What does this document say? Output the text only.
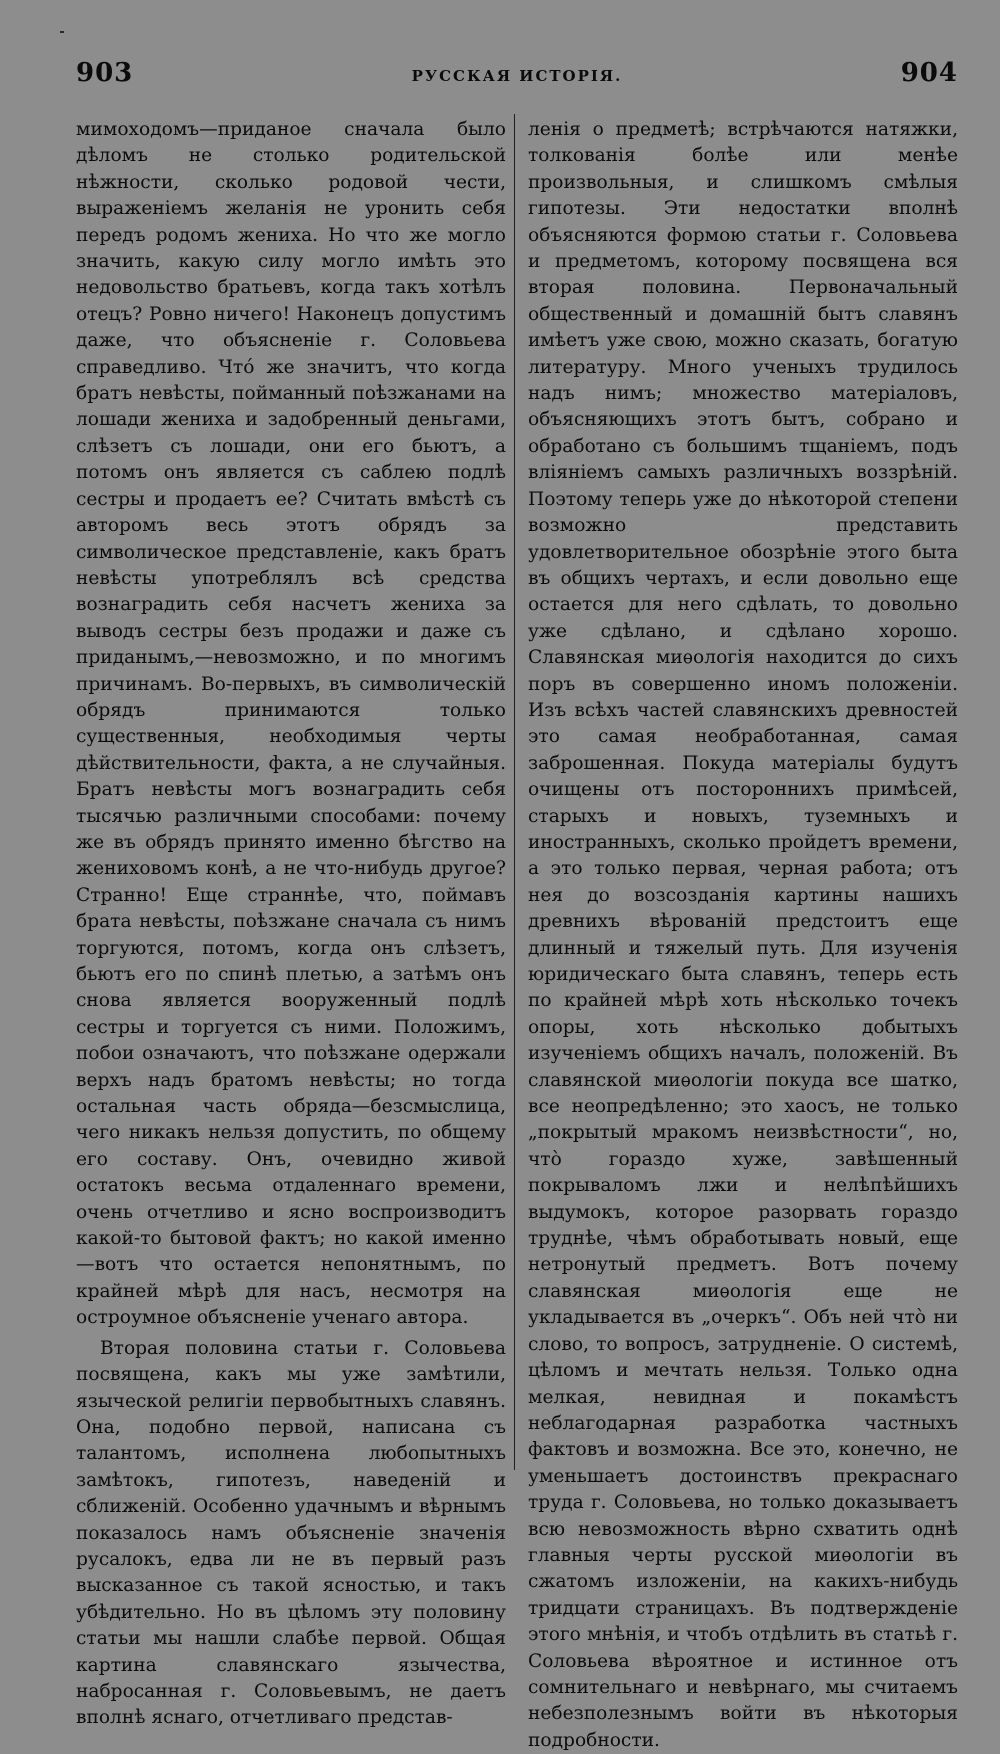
903	РУССКАЯ ИСТОРІЯ.	904

мимоходомъ—приданое сначала было дѣломъ не столько родительской нѣжности, сколько родовой чести, выраженіемъ желанія не уронить себя передъ родомъ жениха. Но что же могло значить, какую силу могло имѣть это недовольство братьевъ, когда такъ хотѣлъ отецъ? Ровно ничего! Наконецъ допустимъ даже, что объясненіе г. Соловьева справедливо. Что́ же значитъ, что когда братъ невѣсты, пойманный поѣзжанами на лошади жениха и задобренный деньгами, слѣзетъ съ лошади, они его бьютъ, а потомъ онъ является съ саблею подлѣ сестры и продаетъ ее? Считать вмѣстѣ съ авторомъ весь этотъ обрядъ за символическое представленіе, какъ братъ невѣсты употреблялъ всѣ средства вознаградить себя насчетъ жениха за выводъ сестры безъ продажи и даже съ приданымъ,—невозможно, и по многимъ причинамъ. Во-первыхъ, въ символическій обрядъ принимаются только существенныя, необходимыя черты дѣйствительности, факта, а не случайныя. Братъ невѣсты могъ вознаградить себя тысячью различными способами: почему же въ обрядъ принято именно бѣгство на жениховомъ конѣ, а не что-нибудь другое? Странно! Еще страннѣе, что, поймавъ брата невѣсты, поѣзжане сначала съ нимъ торгуются, потомъ, когда онъ слѣзетъ, бьютъ его по спинѣ плетью, а затѣмъ онъ снова является вооруженный подлѣ сестры и торгуется съ ними. Положимъ, побои означаютъ, что поѣзжане одержали верхъ надъ братомъ невѣсты; но тогда остальная часть обряда—безсмыслица, чего никакъ нельзя допустить, по общему его составу. Онъ, очевидно живой остатокъ весьма отдаленнаго времени, очень отчетливо и ясно воспроизводитъ какой-то бытовой фактъ; но какой именно—вотъ что остается непонятнымъ, по крайней мѣрѣ для насъ, несмотря на остроумное объясненіе ученаго автора.

Вторая половина статьи г. Соловьева посвящена, какъ мы уже замѣтили, языческой религіи первобытныхъ славянъ. Она, подобно первой, написана съ талантомъ, исполнена любопытныхъ замѣтокъ, гипотезъ, наведеній и сближеній. Особенно удачнымъ и вѣрнымъ показалось намъ объясненіе значенія русалокъ, едва ли не въ первый разъ высказанное съ такой ясностью, и такъ убѣдительно. Но въ цѣломъ эту половину статьи мы нашли слабѣе первой. Общая картина славянскаго язычества, набросанная г. Соловьевымъ, не даетъ вполнѣ яснаго, отчетливаго представ-

ленія о предметѣ; встрѣчаются натяжки, толкованія болѣе или менѣе произвольныя, и слишкомъ смѣлыя гипотезы. Эти недостатки вполнѣ объясняются формою статьи г. Соловьева и предметомъ, которому посвящена вся вторая половина. Первоначальный общественный и домашній бытъ славянъ имѣетъ уже свою, можно сказать, богатую литературу. Много ученыхъ трудилось надъ нимъ; множество матеріаловъ, объясняющихъ этотъ бытъ, собрано и обработано съ большимъ тщаніемъ, подъ вліяніемъ самыхъ различныхъ воззрѣній. Поэтому теперь уже до нѣкоторой степени возможно представить удовлетворительное обозрѣніе этого быта въ общихъ чертахъ, и если довольно еще остается для него сдѣлать, то довольно уже сдѣлано, и сдѣлано хорошо. Славянская миѳологія находится до сихъ поръ въ совершенно иномъ положеніи. Изъ всѣхъ частей славянскихъ древностей это самая необработанная, самая заброшенная. Покуда матеріалы будутъ очищены отъ постороннихъ примѣсей, старыхъ и новыхъ, туземныхъ и иностранныхъ, сколько пройдетъ времени, а это только первая, черная работа; отъ нея до возсозданія картины нашихъ древнихъ вѣрованій предстоитъ еще длинный и тяжелый путь. Для изученія юридическаго быта славянъ, теперь есть по крайней мѣрѣ хоть нѣсколько точекъ опоры, хоть нѣсколько добытыхъ изученіемъ общихъ началъ, положеній. Въ славянской миѳологіи покуда все шатко, все неопредѣленно; это хаосъ, не только „покрытый мракомъ неизвѣстности“, но, что̀ гораздо хуже, завѣшенный покрываломъ лжи и нелѣпѣйшихъ выдумокъ, которое разорвать гораздо труднѣе, чѣмъ обработывать новый, еще нетронутый предметъ. Вотъ почему славянская миѳологія еще не укладывается въ „очеркъ“. Объ ней что̀ ни слово, то вопросъ, затрудненіе. О системѣ, цѣломъ и мечтать нельзя. Только одна мелкая, невидная и покамѣстъ неблагодарная разработка частныхъ фактовъ и возможна. Все это, конечно, не уменьшаетъ достоинствъ прекраснаго труда г. Соловьева, но только доказываетъ всю невозможность вѣрно схватить однѣ главныя черты русской миѳологіи въ сжатомъ изложеніи, на какихъ-нибудь тридцати страницахъ. Въ подтвержденіе этого мнѣнія, и чтобъ отдѣлить въ статьѣ г. Соловьева вѣроятное и истинное отъ сомнительнаго и невѣрнаго, мы считаемъ небезполезнымъ войти въ нѣкоторыя подробности.
